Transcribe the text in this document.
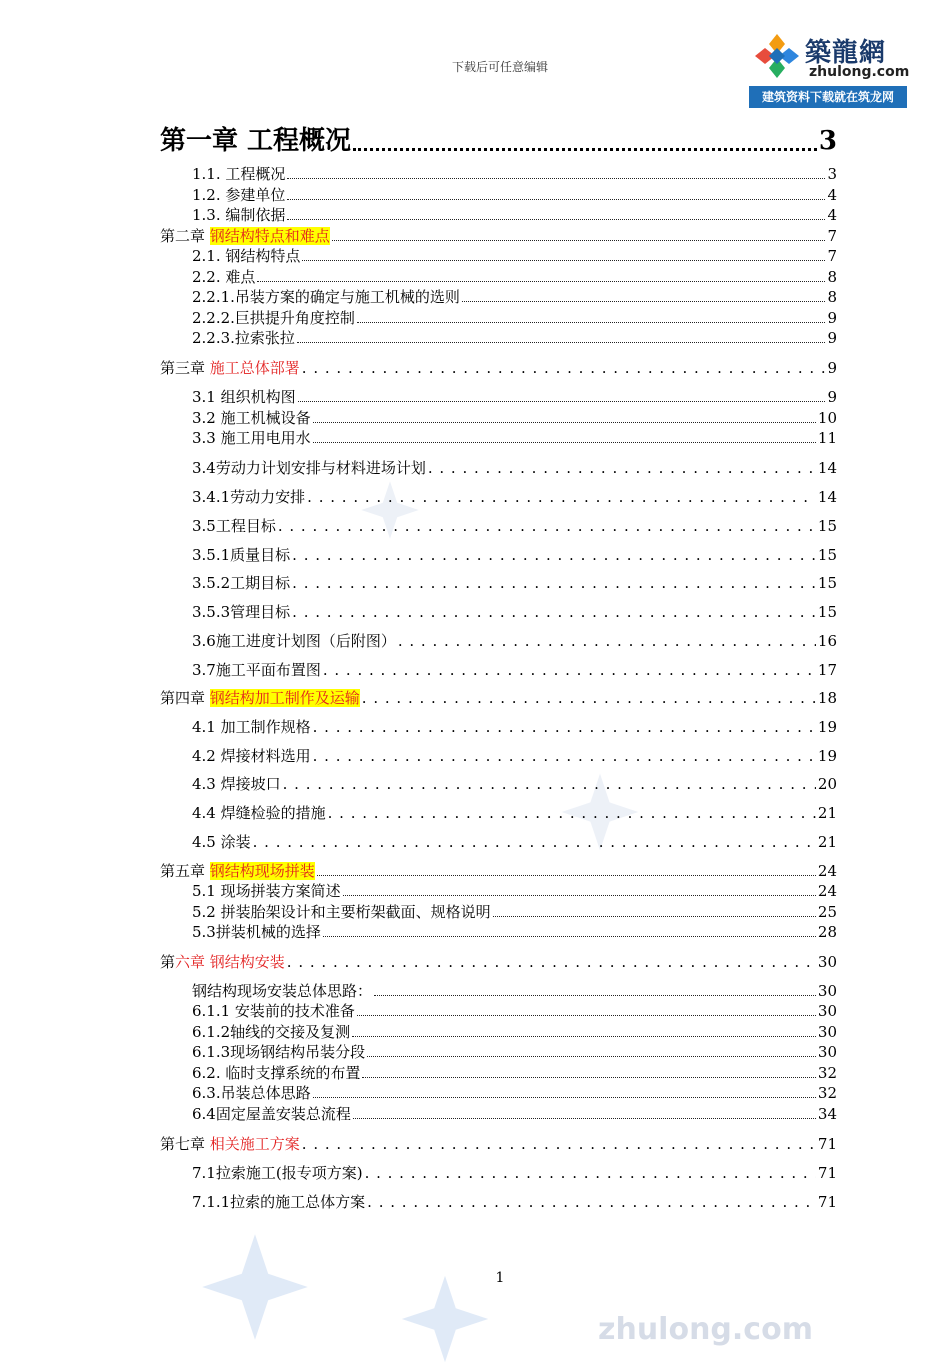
下载后可任意编辑	築龍網
zhulong.com
建筑资料下载就在筑龙网
第一章 工程概况	3
1.1. 工程概况	3
1.2. 参建单位	4
1.3. 编制依据	4
第二章 钢结构特点和难点	7
2.1. 钢结构特点	7
2.2. 难点	8
2.2.1.吊装方案的确定与施工机械的选则	8
2.2.2.巨拱提升角度控制	9
2.2.3.拉索张拉	9
第三章 施工总体部署 . . .	9
3.1 组织机构图	9
3.2 施工机械设备	10
3.3 施工用电用水	11
3.4劳动力计划安排与材料进场计划 . . .	14
3.4.1劳动力安排 . . .	14
3.5工程目标 . . .	15
3.5.1质量目标 . . .	15
3.5.2工期目标 . . .	15
3.5.3管理目标 . . .	15
3.6施工进度计划图（后附图） . . .	16
3.7施工平面布置图 . . .	17
第四章 钢结构加工制作及运输 . . .	18
4.1 加工制作规格 . . .	19
4.2 焊接材料选用 . . .	19
4.3 焊接坡口 . . .	20
4.4 焊缝检验的措施 . . .	21
4.5 涂装 . . .	21
第五章 钢结构现场拼装	24
5.1 现场拼装方案简述	24
5.2 拼装胎架设计和主要桁架截面、规格说明	25
5.3拼装机械的选择	28
第六章 钢结构安装 . . .	30
钢结构现场安装总体思路：	30
6.1.1 安装前的技术准备	30
6.1.2轴线的交接及复测	30
6.1.3现场钢结构吊装分段	30
6.2. 临时支撑系统的布置	32
6.3.吊装总体思路	32
6.4固定屋盖安装总流程	34
第七章 相关施工方案 . . .	71
7.1拉索施工(报专项方案) . . .	71
7.1.1拉索的施工总体方案 . . .	71
1
zhulong.com
